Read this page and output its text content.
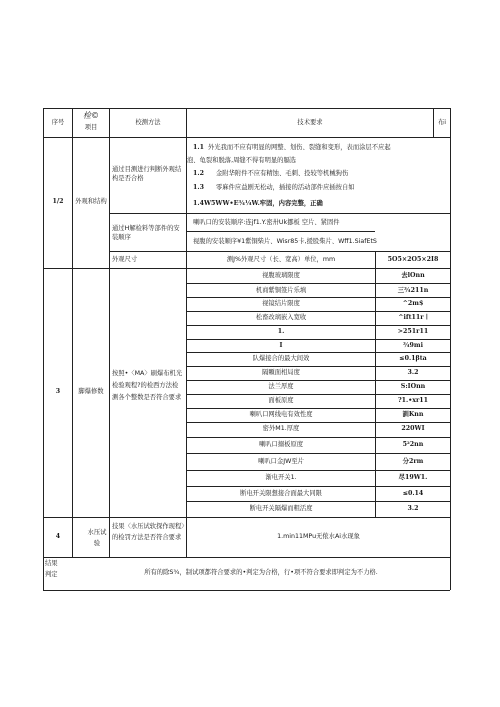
序号
检©
项目
校测方法	技术要求	布i
1/2	外观和结构
通过目测进行判断外观结构是否合格
1.1 外光我而不应有明显的网整、划伤、裂缝和变形，表而涂层不应起
泡、龟裂和脱落,周缝不得有明显的膈选
1.2 金附华附件不应有精蚀、毛刺、投较等机械狗伤
1.3 零麻件应益剧无松动，插接的活动部件应插按自如
1.4W5WW•E¾¼W.牢固，内容完整，正确
通过H解检料等部件的安装顺序
喇叭口的安装顺序:连jf1.Y.密卅Uk挪板 空片、紧固件
视腹的安装顺序¥1紫铜柴片、Wisr85卡,援股柴片、Wff1.SiafEtS
外观尺寸	测J%外观尺寸（长、宽高）单位，mm	5O5×2O5×2I8
3	脚爆修数
按照•〈MA〉刷爆布机光检验观程?的检西方法检测各个整数是否符合要求
视腹玻璃限度	去lOnn
机商紫铜签片乐填	三¾211n
视镜结片限度	^2m$
松畜改璃嵌入宽收	^ift11r ∣
1.	>251r11
I	¾9mi
队爆接合的最大间效	≤0.1βta
隔顆面相局度	3.2
法兰厚度	S:IOnn
面板原度	?1.•xr11
喇叭口网线电有效性度	訓Knn
密外M1.厚度	220WI
喇叭口搦板原度	5²2nn
喇叭口金JW至片	分2rm
渐电开关1.	尽19W1.
断电开关限想接合面最大同限	≤0.14
断电开关隔爆而粗活度	3.2
4
水压试验
技果〈水压试软探作现程〉的检罚方法是否符合要求	1.min11MPu无侬水Ai水现象
结果判定	所有的除S¾，制试项都符合要求的•判定为合格，行•项不符合要求即判定为不力格.
